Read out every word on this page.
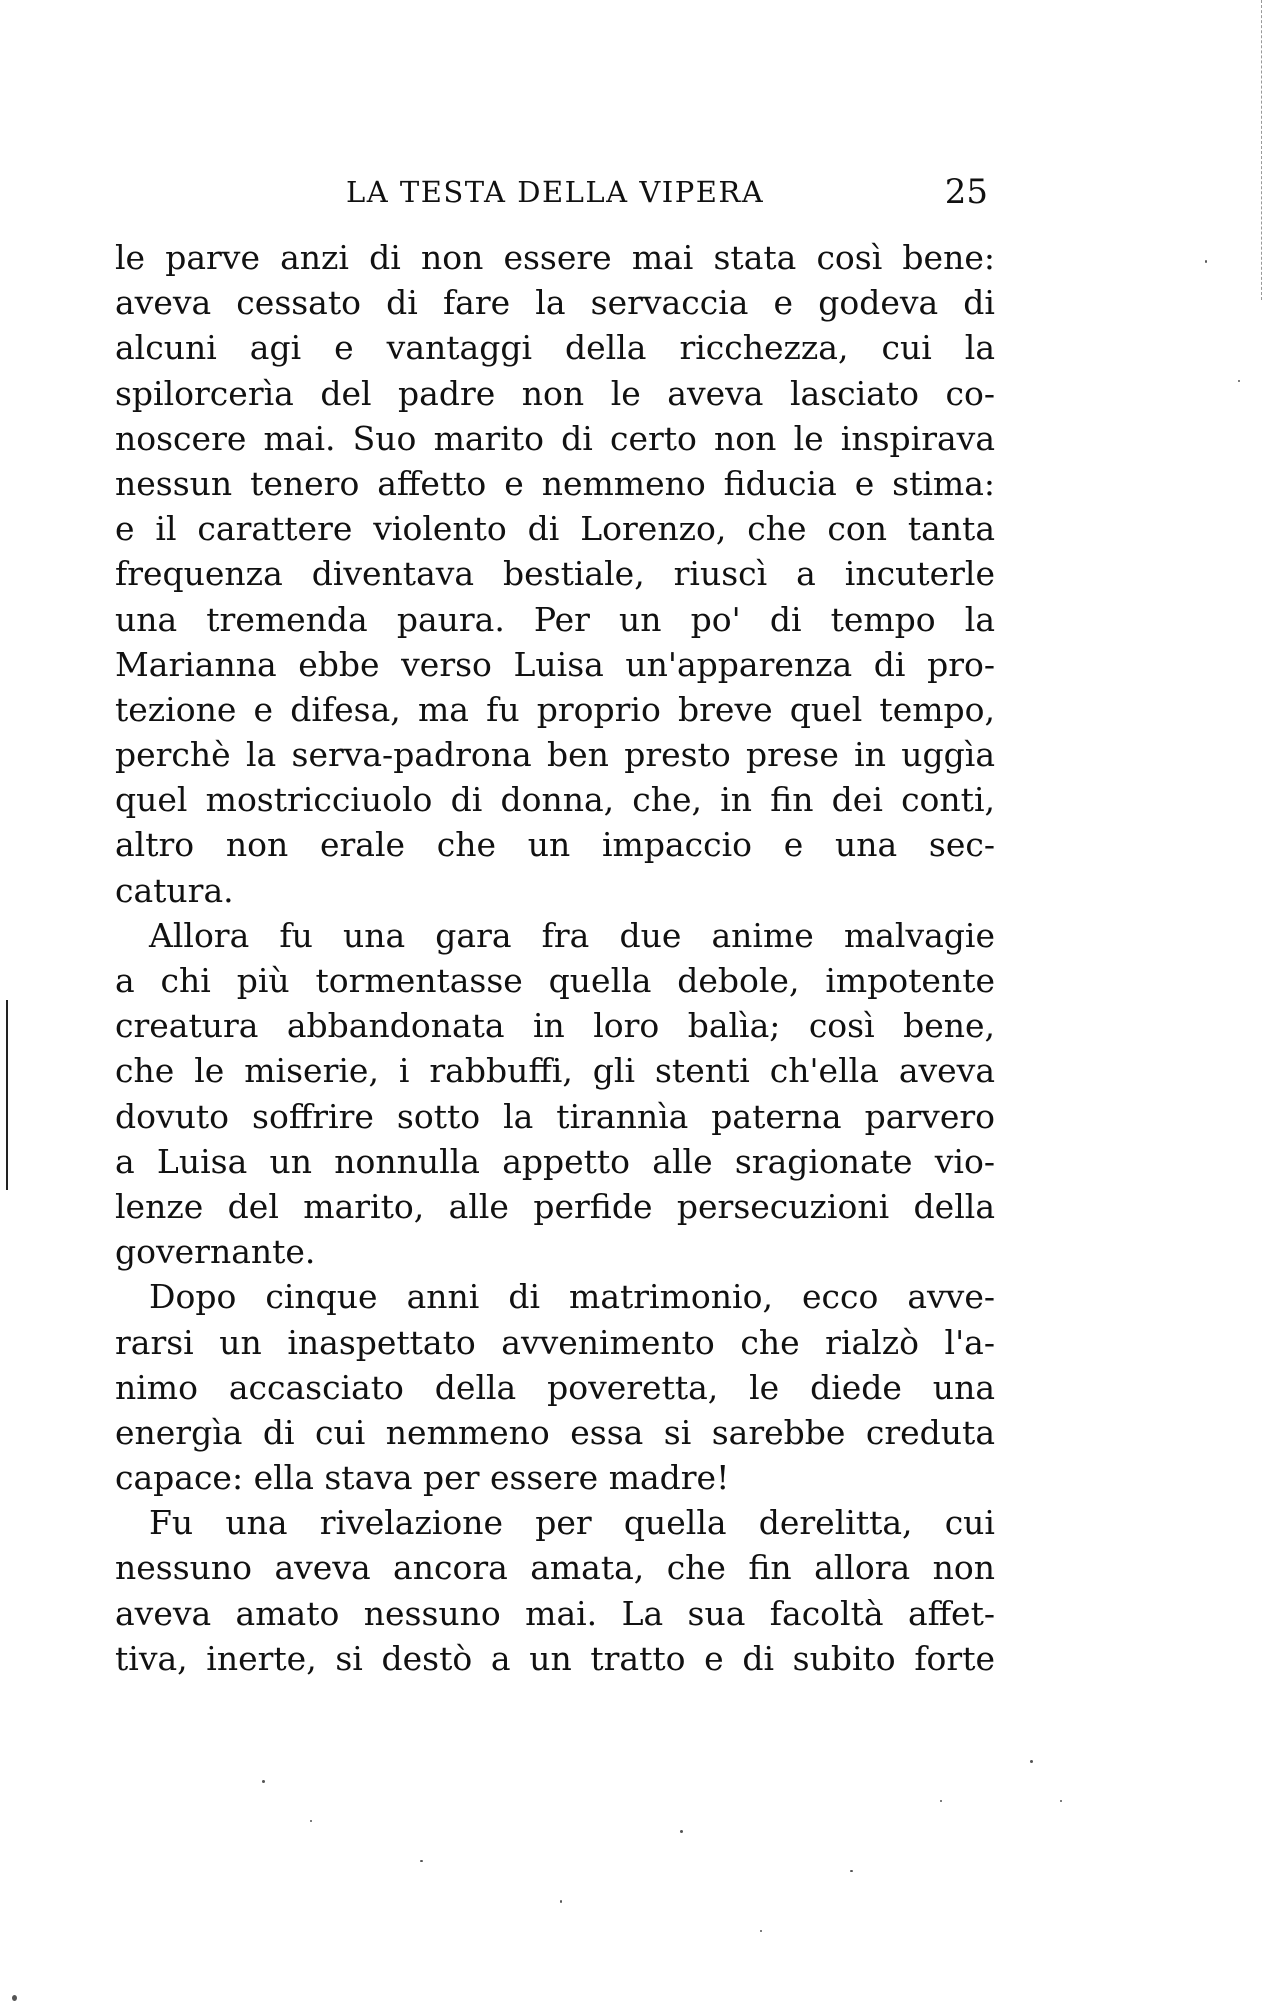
LA TESTA DELLA VIPERA	25
le parve anzi di non essere mai stata così bene:
aveva cessato di fare la servaccia e godeva di
alcuni agi e vantaggi della ricchezza, cui la
spilorcerìa del padre non le aveva lasciato co-
noscere mai. Suo marito di certo non le inspirava
nessun tenero affetto e nemmeno fiducia e stima:
e il carattere violento di Lorenzo, che con tanta
frequenza diventava bestiale, riuscì a incuterle
una tremenda paura. Per un po' di tempo la
Marianna ebbe verso Luisa un'apparenza di pro-
tezione e difesa, ma fu proprio breve quel tempo,
perchè la serva-padrona ben presto prese in uggìa
quel mostricciuolo di donna, che, in fin dei conti,
altro non erale che un impaccio e una sec-
catura.
Allora fu una gara fra due anime malvagie
a chi più tormentasse quella debole, impotente
creatura abbandonata in loro balìa; così bene,
che le miserie, i rabbuffi, gli stenti ch'ella aveva
dovuto soffrire sotto la tirannìa paterna parvero
a Luisa un nonnulla appetto alle sragionate vio-
lenze del marito, alle perfide persecuzioni della
governante.
Dopo cinque anni di matrimonio, ecco avve-
rarsi un inaspettato avvenimento che rialzò l'a-
nimo accasciato della poveretta, le diede una
energìa di cui nemmeno essa si sarebbe creduta
capace: ella stava per essere madre!
Fu una rivelazione per quella derelitta, cui
nessuno aveva ancora amata, che fin allora non
aveva amato nessuno mai. La sua facoltà affet-
tiva, inerte, si destò a un tratto e di subito forte
